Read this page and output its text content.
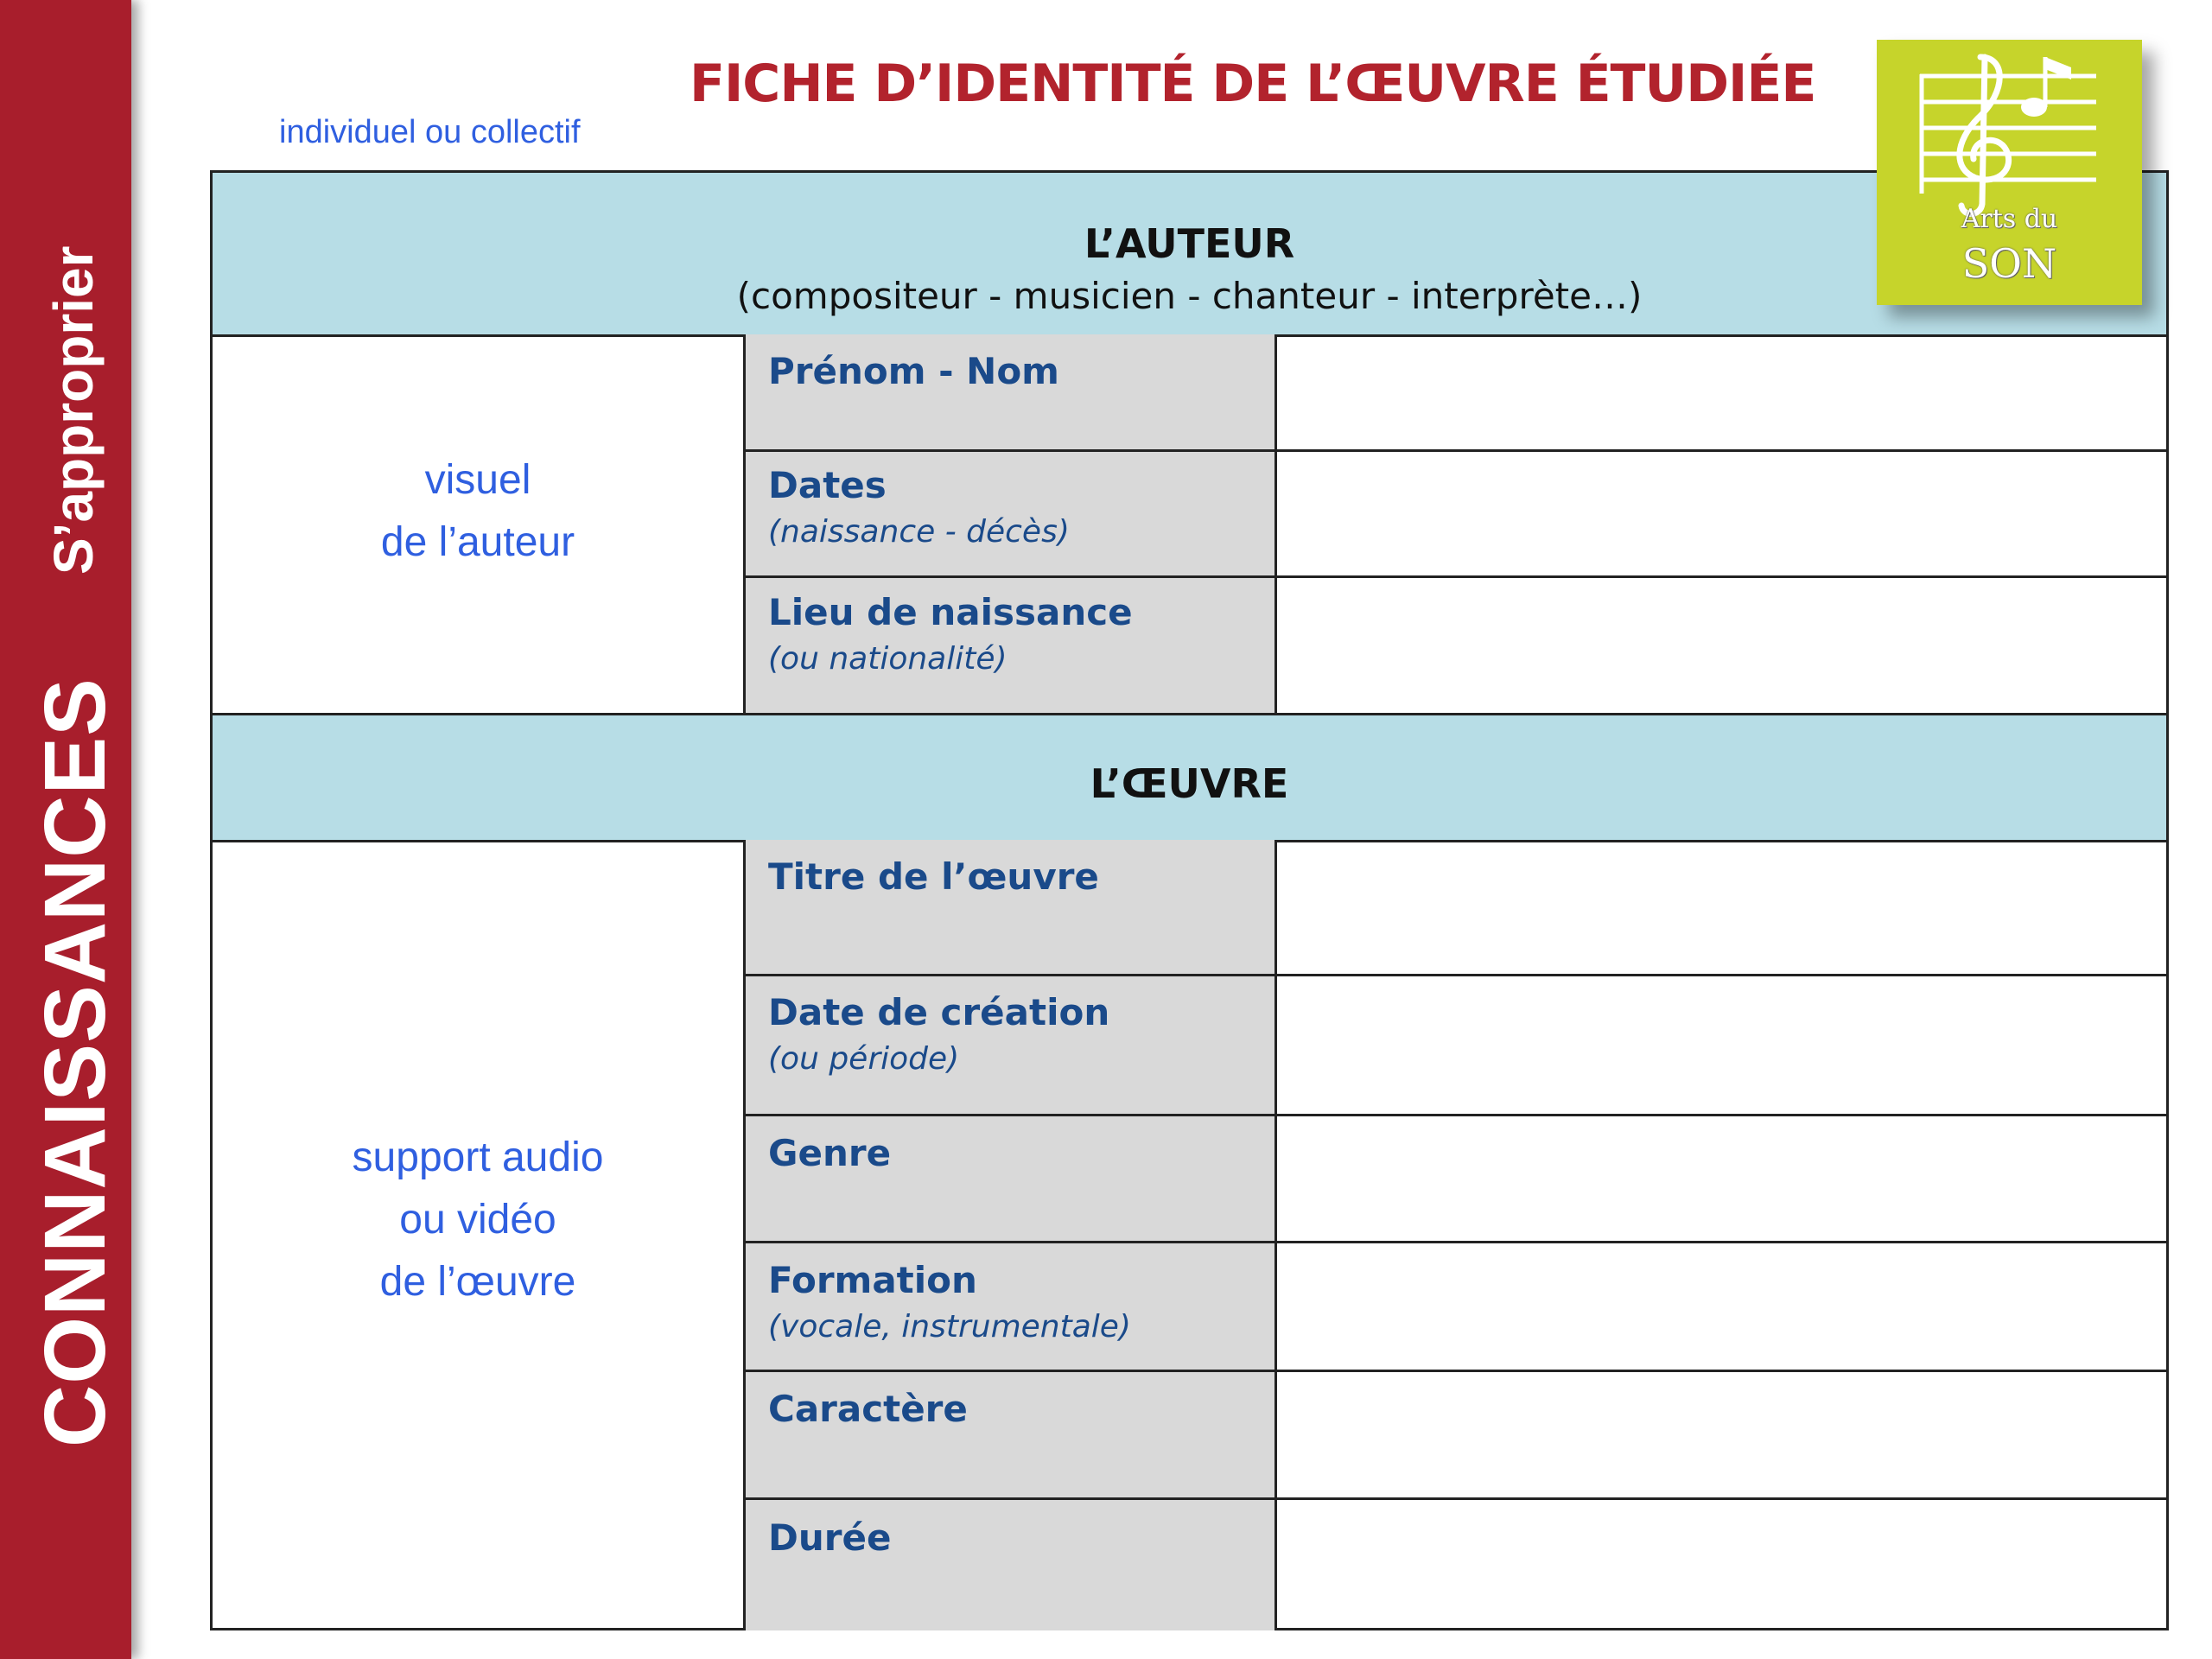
CONNAISSANCES
S’approprier
FICHE D’IDENTITÉ DE L’ŒUVRE ÉTUDIÉE
individuel ou collectif
L’AUTEUR
(compositeur - musicien - chanteur - interprète…)
visuel
de l’auteur
Prénom - Nom
Dates
(naissance - décès)
Lieu de naissance
(ou nationalité)
L’ŒUVRE
support audio
ou vidéo
de l’œuvre
Titre de l’œuvre
Date de création
(ou période)
Genre
Formation
(vocale, instrumentale)
Caractère
Durée
Arts du
SON
